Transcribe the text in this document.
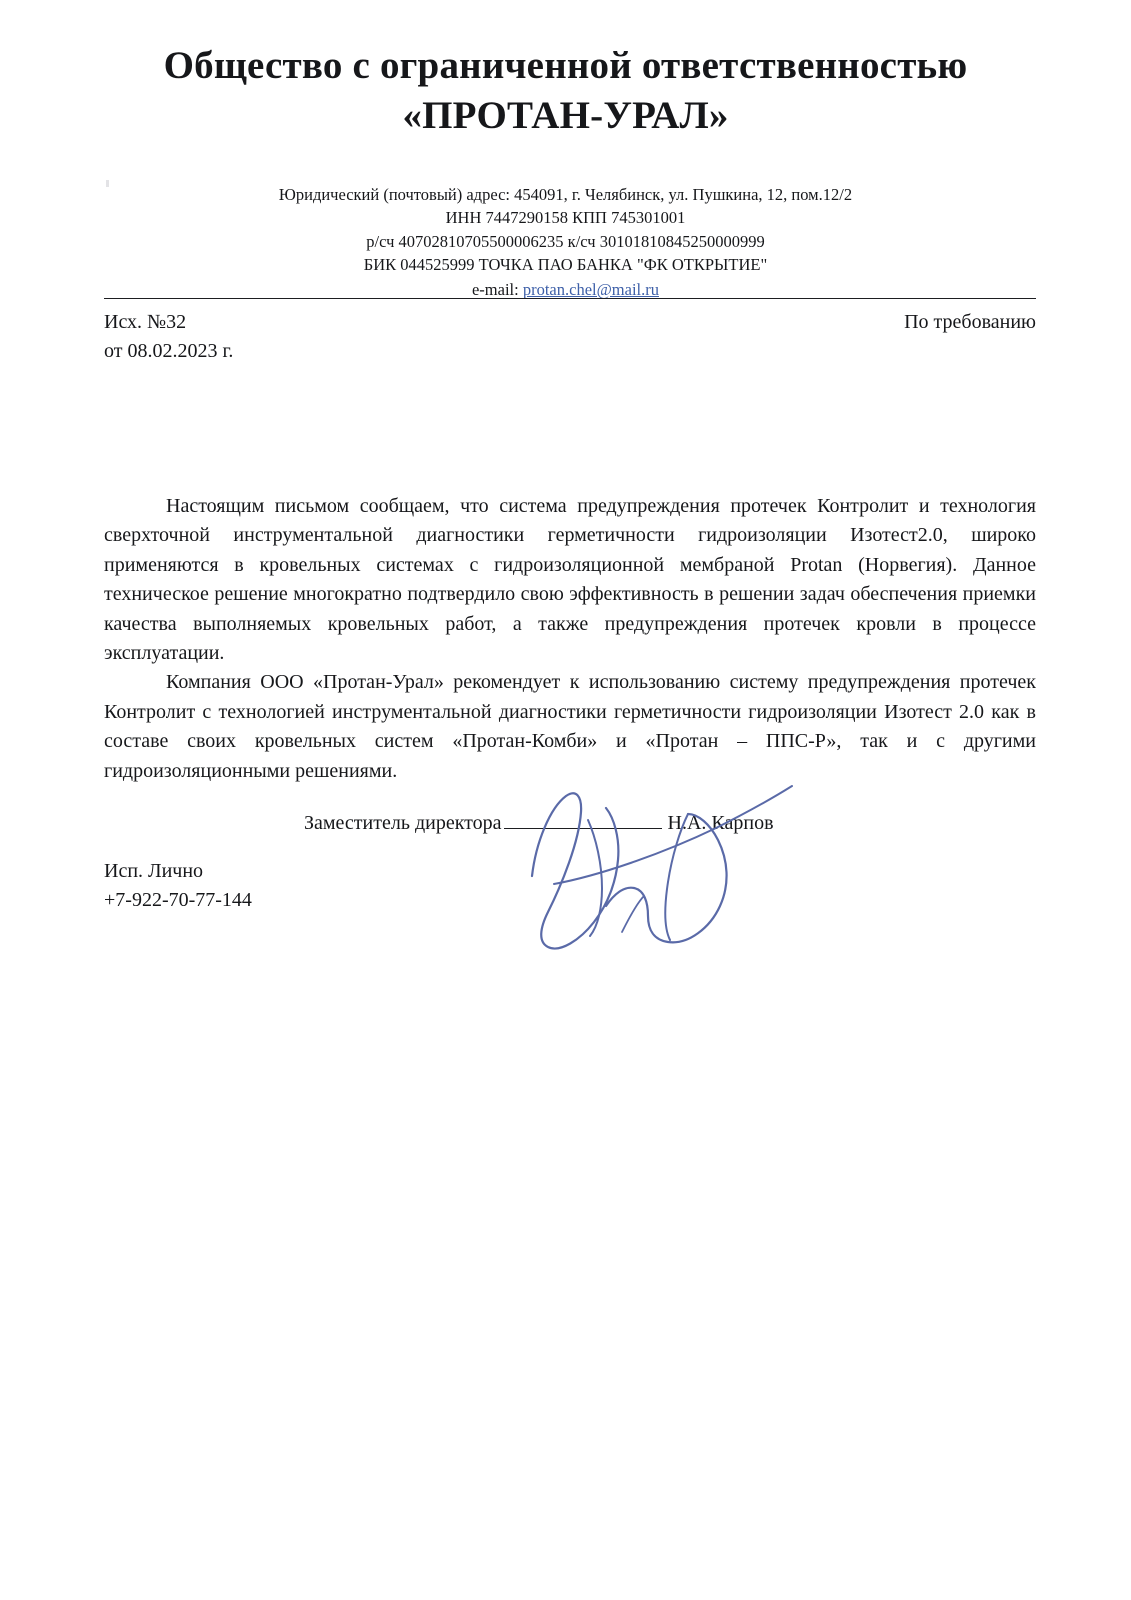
Общество с ограниченной ответственностью
«ПРОТАН-УРАЛ»
Юридический (почтовый) адрес: 454091, г. Челябинск, ул. Пушкина, 12, пом.12/2
ИНН 7447290158 КПП 745301001
р/сч 40702810705500006235 к/сч 30101810845250000999
БИК 044525999 ТОЧКА ПАО БАНКА "ФК ОТКРЫТИЕ"
e-mail: protan.chel@mail.ru
Исх. №32	По требованию
от 08.02.2023 г.

Настоящим письмом сообщаем, что система предупреждения протечек Контролит и технология сверхточной инструментальной диагностики герметичности гидроизоляции Изотест2.0, широко применяются в кровельных системах с гидроизоляционной мембраной Protan (Норвегия). Данное техническое решение многократно подтвердило свою эффективность в решении задач обеспечения приемки качества выполняемых кровельных работ, а также предупреждения протечек кровли в процессе эксплуатации.

Компания ООО «Протан-Урал» рекомендует к использованию систему предупреждения протечек Контролит с технологией инструментальной диагностики герметичности гидроизоляции Изотест 2.0 как в составе своих кровельных систем «Протан-Комби» и «Протан – ППС-Р», так и с другими гидроизоляционными решениями.

Заместитель директора	Н.А. Карпов
Исп. Личнo
+7-922-70-77-144
